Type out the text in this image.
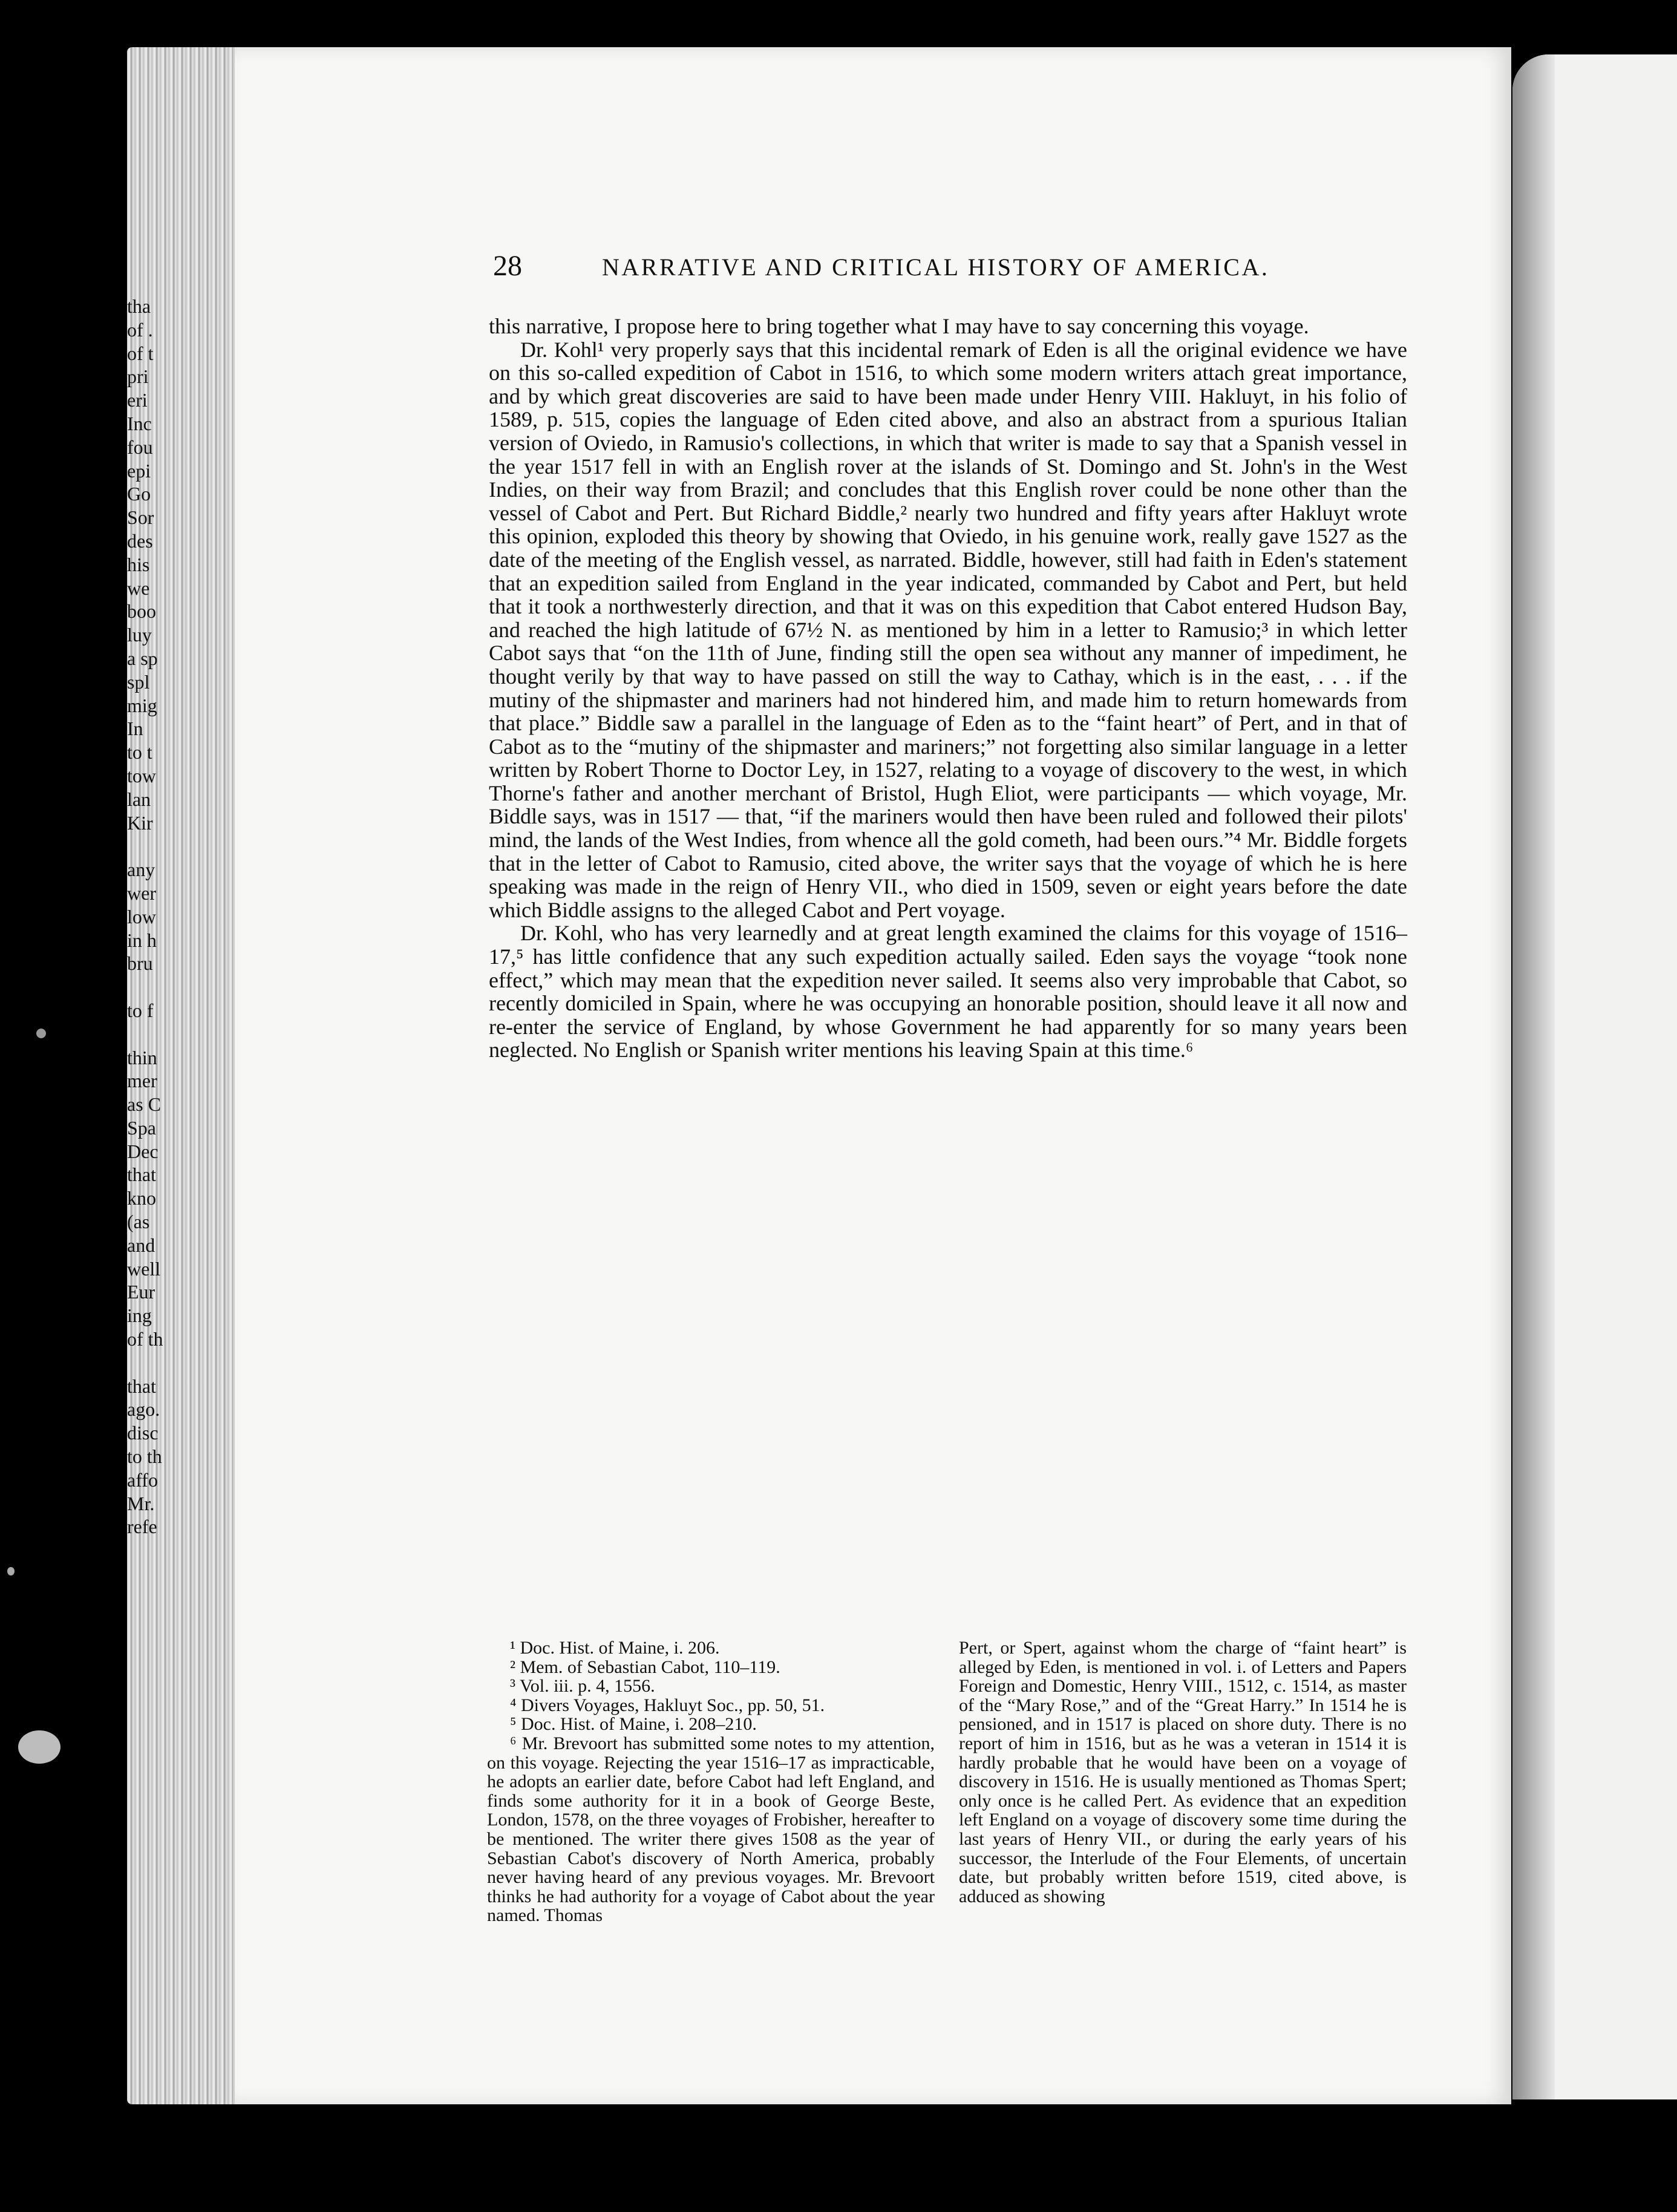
tha
of .
of t
pri
eri
Inc
fou
epi
Go
Sor
des
his
we
boo
luy
a sp
spl
mig
In
to t
tow
lan
Kir
any
wer
low
in h
bru
to f
thin
mer
as C
Spa
Dec
that
kno
(as
and
well
Eur
ing
of th
that
ago.
disc
to th
affo
Mr.
refe
28	NARRATIVE AND CRITICAL HISTORY OF AMERICA.

this narrative, I propose here to bring together what I may have to say concerning this voyage.

Dr. Kohl¹ very properly says that this incidental remark of Eden is all the original evidence we have on this so-called expedition of Cabot in 1516, to which some modern writers attach great importance, and by which great discoveries are said to have been made under Henry VIII. Hakluyt, in his folio of 1589, p. 515, copies the language of Eden cited above, and also an abstract from a spurious Italian version of Oviedo, in Ramusio's collections, in which that writer is made to say that a Spanish vessel in the year 1517 fell in with an English rover at the islands of St. Domingo and St. John's in the West Indies, on their way from Brazil; and concludes that this English rover could be none other than the vessel of Cabot and Pert. But Richard Biddle,² nearly two hundred and fifty years after Hakluyt wrote this opinion, exploded this theory by showing that Oviedo, in his genuine work, really gave 1527 as the date of the meeting of the English vessel, as narrated. Biddle, however, still had faith in Eden's statement that an expedition sailed from England in the year indicated, commanded by Cabot and Pert, but held that it took a northwesterly direction, and that it was on this expedition that Cabot entered Hudson Bay, and reached the high latitude of 67½ N. as mentioned by him in a letter to Ramusio;³ in which letter Cabot says that “on the 11th of June, finding still the open sea without any manner of impediment, he thought verily by that way to have passed on still the way to Cathay, which is in the east, . . . if the mutiny of the shipmaster and mariners had not hindered him, and made him to return homewards from that place.” Biddle saw a parallel in the language of Eden as to the “faint heart” of Pert, and in that of Cabot as to the “mutiny of the shipmaster and mariners;” not forgetting also similar language in a letter written by Robert Thorne to Doctor Ley, in 1527, relating to a voyage of discovery to the west, in which Thorne's father and another merchant of Bristol, Hugh Eliot, were participants — which voyage, Mr. Biddle says, was in 1517 — that, “if the mariners would then have been ruled and followed their pilots' mind, the lands of the West Indies, from whence all the gold cometh, had been ours.”⁴ Mr. Biddle forgets that in the letter of Cabot to Ramusio, cited above, the writer says that the voyage of which he is here speaking was made in the reign of Henry VII., who died in 1509, seven or eight years before the date which Biddle assigns to the alleged Cabot and Pert voyage.

Dr. Kohl, who has very learnedly and at great length examined the claims for this voyage of 1516–17,⁵ has little confidence that any such expedition actually sailed. Eden says the voyage “took none effect,” which may mean that the expedition never sailed. It seems also very improbable that Cabot, so recently domiciled in Spain, where he was occupying an honorable position, should leave it all now and re-enter the service of England, by whose Government he had apparently for so many years been neglected. No English or Spanish writer mentions his leaving Spain at this time.⁶

¹ Doc. Hist. of Maine, i. 206.

² Mem. of Sebastian Cabot, 110–119.

³ Vol. iii. p. 4, 1556.

⁴ Divers Voyages, Hakluyt Soc., pp. 50, 51.

⁵ Doc. Hist. of Maine, i. 208–210.

⁶ Mr. Brevoort has submitted some notes to my attention, on this voyage. Rejecting the year 1516–17 as impracticable, he adopts an earlier date, before Cabot had left England, and finds some authority for it in a book of George Beste, London, 1578, on the three voyages of Frobisher, hereafter to be mentioned. The writer there gives 1508 as the year of Sebastian Cabot's discovery of North America, probably never having heard of any previous voyages. Mr. Brevoort thinks he had authority for a voyage of Cabot about the year named. Thomas

Pert, or Spert, against whom the charge of “faint heart” is alleged by Eden, is mentioned in vol. i. of Letters and Papers Foreign and Domestic, Henry VIII., 1512, c. 1514, as master of the “Mary Rose,” and of the “Great Harry.” In 1514 he is pensioned, and in 1517 is placed on shore duty. There is no report of him in 1516, but as he was a veteran in 1514 it is hardly probable that he would have been on a voyage of discovery in 1516. He is usually mentioned as Thomas Spert; only once is he called Pert. As evidence that an expedition left England on a voyage of discovery some time during the last years of Henry VII., or during the early years of his successor, the Interlude of the Four Elements, of uncertain date, but probably written before 1519, cited above, is adduced as showing
